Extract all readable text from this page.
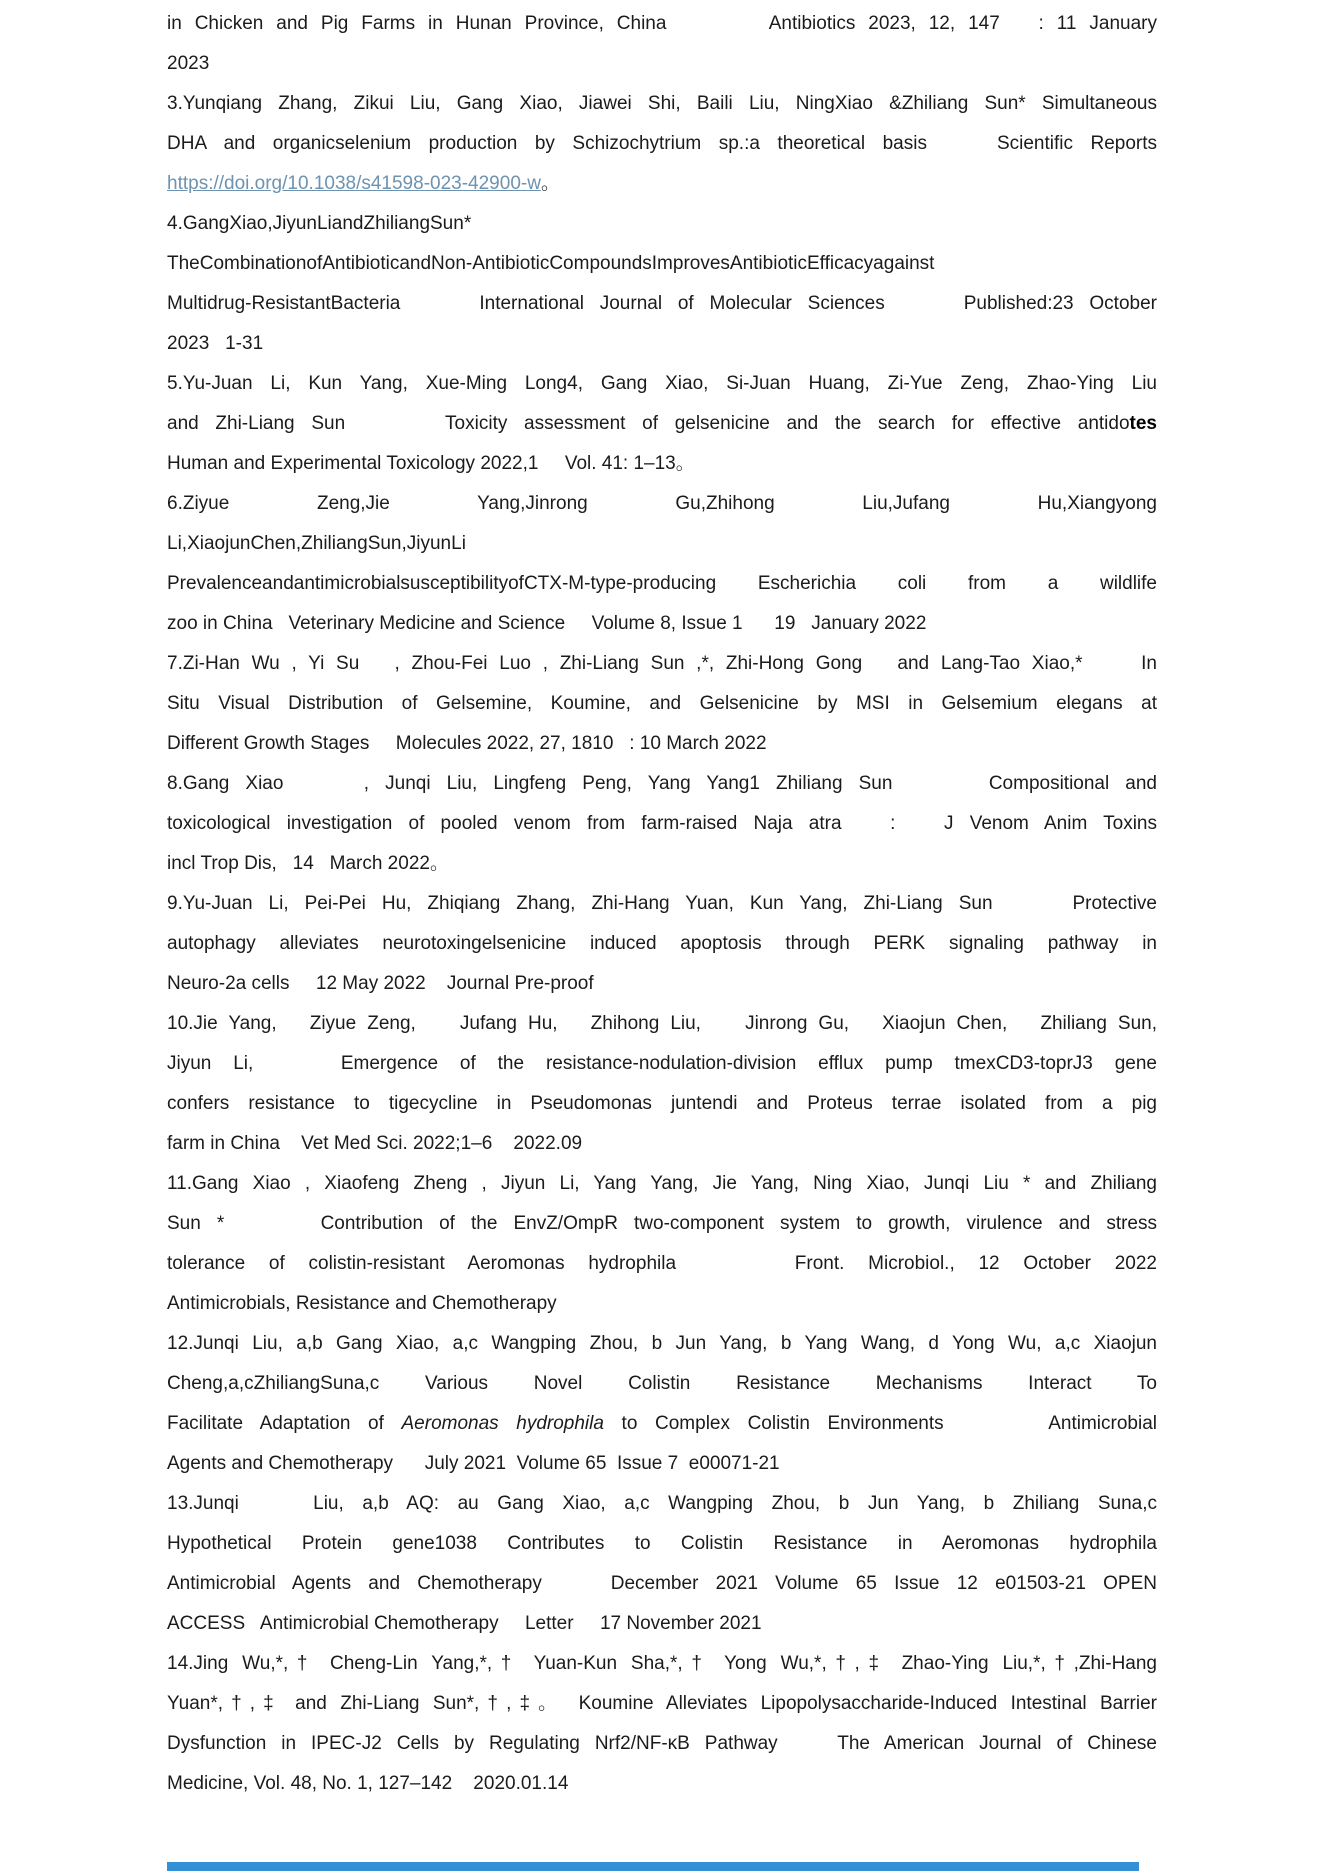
in Chicken and Pig Farms in Hunan Province, China        Antibiotics 2023, 12, 147   : 11 January

2023

3.Yunqiang Zhang, Zikui Liu, Gang Xiao, Jiawei Shi, Baili Liu, NingXiao &Zhiliang Sun* Simultaneous

DHA and organicselenium production by Schizochytrium sp.:a theoretical basis    Scientific Reports

https://doi.org/10.1038/s41598-023-42900-w。

4.GangXiao,JiyunLiandZhiliangSun*

TheCombinationofAntibioticandNon-AntibioticCompoundsImprovesAntibioticEfficacyagainst

Multidrug-ResistantBacteria     International Journal of Molecular Sciences     Published:23 October

2023   1-31

5.Yu-Juan Li, Kun Yang, Xue-Ming Long4, Gang Xiao, Si-Juan Huang, Zi-Yue Zeng, Zhao-Ying Liu

and Zhi-Liang Sun      Toxicity assessment of gelsenicine and the search for effective antidotes

Human and Experimental Toxicology 2022,1     Vol. 41: 1–13。

6.Ziyue      Zeng,Jie      Yang,Jinrong      Gu,Zhihong      Liu,Jufang      Hu,Xiangyong

Li,XiaojunChen,ZhiliangSun,JiyunLi

PrevalenceandantimicrobialsusceptibilityofCTX-M-type-producing Escherichia coli from a wildlife

zoo in China   Veterinary Medicine and Science     Volume 8, Issue 1      19   January 2022

7.Zi-Han Wu , Yi Su   , Zhou-Fei Luo , Zhi-Liang Sun ,*, Zhi-Hong Gong   and Lang-Tao Xiao,*     In

Situ Visual Distribution of Gelsemine, Koumine, and Gelsenicine by MSI in Gelsemium elegans at

Different Growth Stages     Molecules 2022, 27, 1810   : 10 March 2022

8.Gang Xiao     , Junqi Liu, Lingfeng Peng, Yang Yang1 Zhiliang Sun      Compositional and

toxicological investigation of pooled venom from farm-raised Naja atra   :   J Venom Anim Toxins

incl Trop Dis,   14   March 2022。

9.Yu-Juan Li, Pei-Pei Hu, Zhiqiang Zhang, Zhi-Hang Yuan, Kun Yang, Zhi-Liang Sun     Protective

autophagy alleviates neurotoxingelsenicine induced apoptosis through PERK signaling pathway in

Neuro-2a cells     12 May 2022    Journal Pre-proof

10.Jie Yang,   Ziyue Zeng,    Jufang Hu,   Zhihong Liu,    Jinrong Gu,   Xiaojun Chen,   Zhiliang Sun,

Jiyun Li,    Emergence of the resistance-nodulation-division efflux pump tmexCD3-toprJ3 gene

confers resistance to tigecycline in Pseudomonas juntendi and Proteus terrae isolated from a pig

farm in China    Vet Med Sci. 2022;1–6    2022.09

11.Gang Xiao , Xiaofeng Zheng , Jiyun Li, Yang Yang, Jie Yang, Ning Xiao, Junqi Liu * and Zhiliang

Sun *      Contribution of the EnvZ/OmpR two-component system to growth, virulence and stress

tolerance of colistin-resistant Aeromonas hydrophila     Front. Microbiol., 12 October 2022

Antimicrobials, Resistance and Chemotherapy

12.Junqi Liu, a,b Gang Xiao, a,c Wangping Zhou, b Jun Yang, b Yang Wang, d Yong Wu, a,c Xiaojun

Cheng,a,cZhiliangSuna,c    Various    Novel    Colistin    Resistance    Mechanisms    Interact    To

Facilitate Adaptation of Aeromonas hydrophila to Complex Colistin Environments      Antimicrobial

Agents and Chemotherapy      July 2021  Volume 65  Issue 7  e00071-21

13.Junqi    Liu, a,b AQ: au Gang Xiao, a,c Wangping Zhou, b Jun Yang, b Zhiliang Suna,c

Hypothetical Protein gene1038 Contributes to Colistin Resistance in Aeromonas hydrophila

Antimicrobial Agents and Chemotherapy    December 2021 Volume 65 Issue 12 e01503-21 OPEN

ACCESS   Antimicrobial Chemotherapy     Letter     17 November 2021

14.Jing Wu,*,† Cheng-Lin Yang,*,† Yuan-Kun Sha,*,† Yong Wu,*,†,‡ Zhao-Ying Liu,*,†,Zhi-Hang

Yuan*,†,‡ and Zhi-Liang Sun*,†,‡。 Koumine Alleviates Lipopolysaccharide-Induced Intestinal Barrier

Dysfunction in IPEC-J2 Cells by Regulating Nrf2/NF-κB Pathway    The American Journal of Chinese

Medicine, Vol. 48, No. 1, 127–142    2020.01.14
